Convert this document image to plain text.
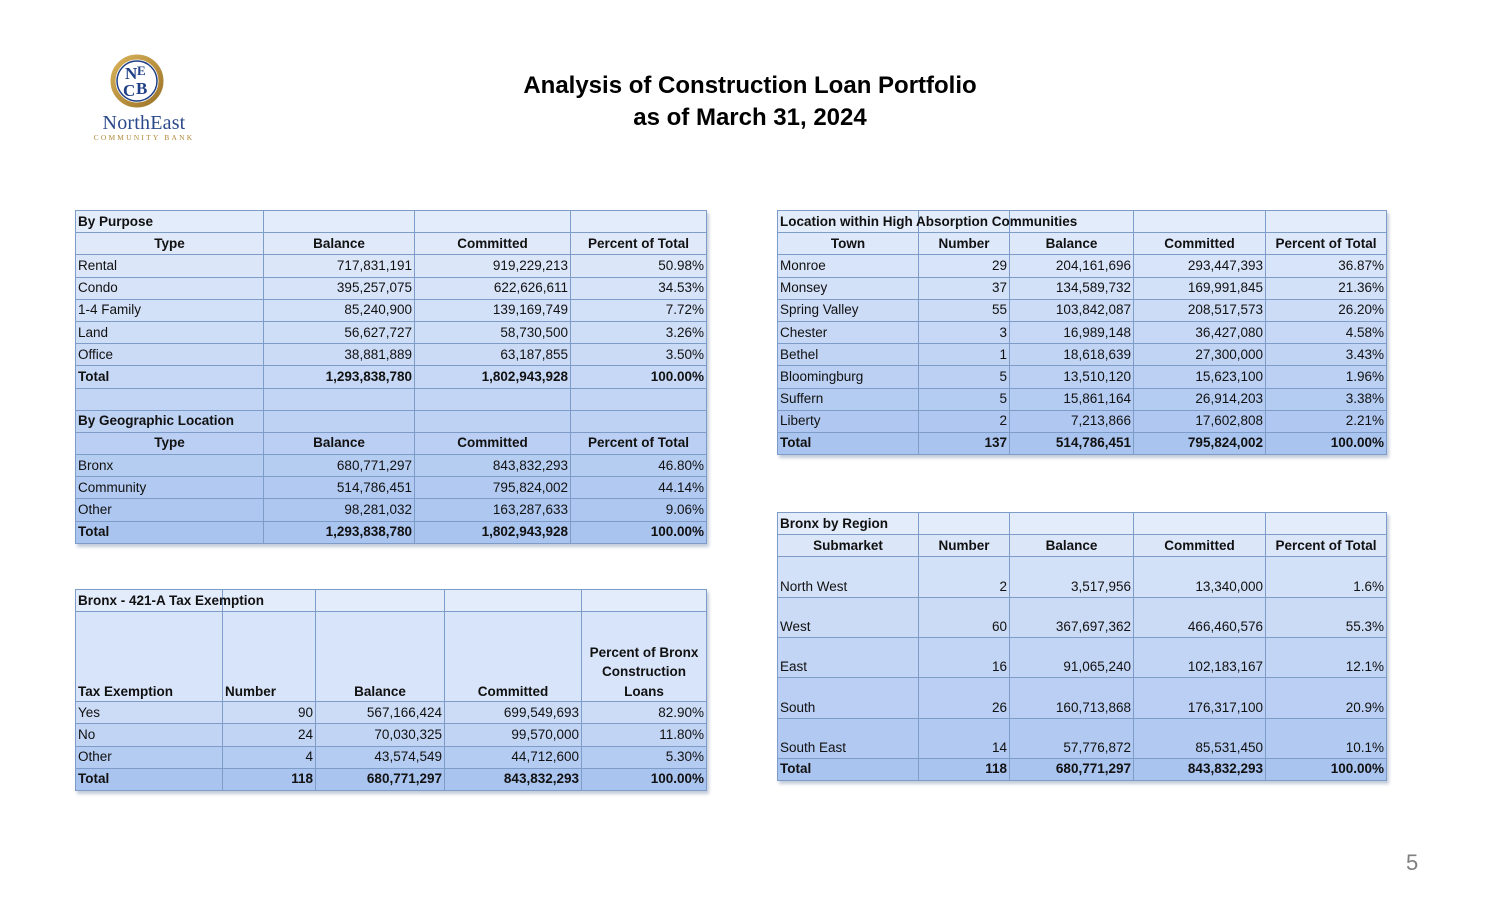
N E
C B
NorthEast
COMMUNITY BANK
Analysis of Construction Loan Portfolio
as of March 31, 2024
By Purpose			
Type	Balance	Committed	Percent of Total
Rental	717,831,191	919,229,213	50.98%
Condo	395,257,075	622,626,611	34.53%
1-4 Family	85,240,900	139,169,749	7.72%
Land	56,627,727	58,730,500	3.26%
Office	38,881,889	63,187,855	3.50%
Total	1,293,838,780	1,802,943,928	100.00%

By Geographic Location			
Type	Balance	Committed	Percent of Total
Bronx	680,771,297	843,832,293	46.80%
Community	514,786,451	795,824,002	44.14%
Other	98,281,032	163,287,633	9.06%
Total	1,293,838,780	1,802,943,928	100.00%
Bronx - 421-A Tax Exemption				
Tax Exemption	Number	Balance	Committed	Percent of Bronx Construction Loans
Yes	90	567,166,424	699,549,693	82.90%
No	24	70,030,325	99,570,000	11.80%
Other	4	43,574,549	44,712,600	5.30%
Total	118	680,771,297	843,832,293	100.00%
Location within High Absorption Communities				
Town	Number	Balance	Committed	Percent of Total
Monroe	29	204,161,696	293,447,393	36.87%
Monsey	37	134,589,732	169,991,845	21.36%
Spring Valley	55	103,842,087	208,517,573	26.20%
Chester	3	16,989,148	36,427,080	4.58%
Bethel	1	18,618,639	27,300,000	3.43%
Bloomingburg	5	13,510,120	15,623,100	1.96%
Suffern	5	15,861,164	26,914,203	3.38%
Liberty	2	7,213,866	17,602,808	2.21%
Total	137	514,786,451	795,824,002	100.00%
Bronx by Region				
Submarket	Number	Balance	Committed	Percent of Total
North West	2	3,517,956	13,340,000	1.6%
West	60	367,697,362	466,460,576	55.3%
East	16	91,065,240	102,183,167	12.1%
South	26	160,713,868	176,317,100	20.9%
South East	14	57,776,872	85,531,450	10.1%
Total	118	680,771,297	843,832,293	100.00%
5
